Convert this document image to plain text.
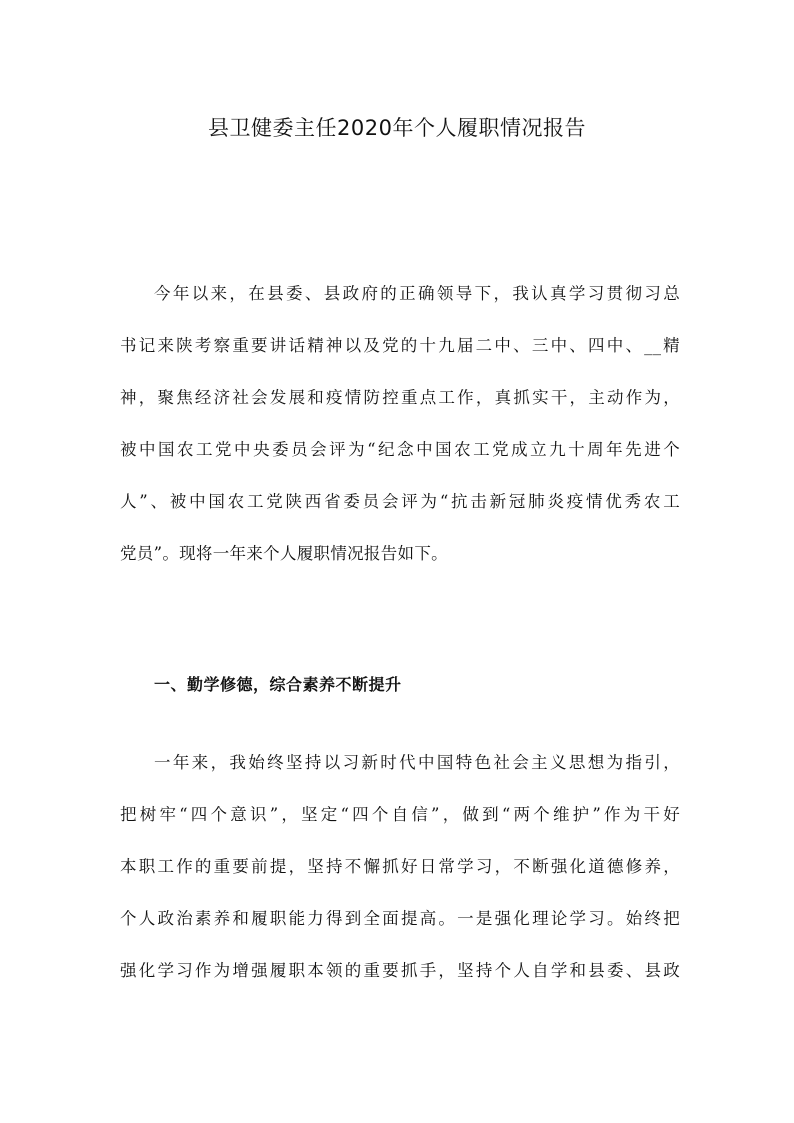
县卫健委主任2020年个人履职情况报告
今年以来，在县委、县政府的正确领导下，我认真学习贯彻习总
书记来陕考察重要讲话精神以及党的十九届二中、三中、四中、__精
神，聚焦经济社会发展和疫情防控重点工作，真抓实干，主动作为，
被中国农工党中央委员会评为“纪念中国农工党成立九十周年先进个
人”、被中国农工党陕西省委员会评为“抗击新冠肺炎疫情优秀农工
党员”。现将一年来个人履职情况报告如下。
一、勤学修德，综合素养不断提升
一年来，我始终坚持以习新时代中国特色社会主义思想为指引，
把树牢“四个意识”，坚定“四个自信”，做到“两个维护”作为干好
本职工作的重要前提，坚持不懈抓好日常学习，不断强化道德修养，
个人政治素养和履职能力得到全面提高。一是强化理论学习。始终把
强化学习作为增强履职本领的重要抓手，坚持个人自学和县委、县政
